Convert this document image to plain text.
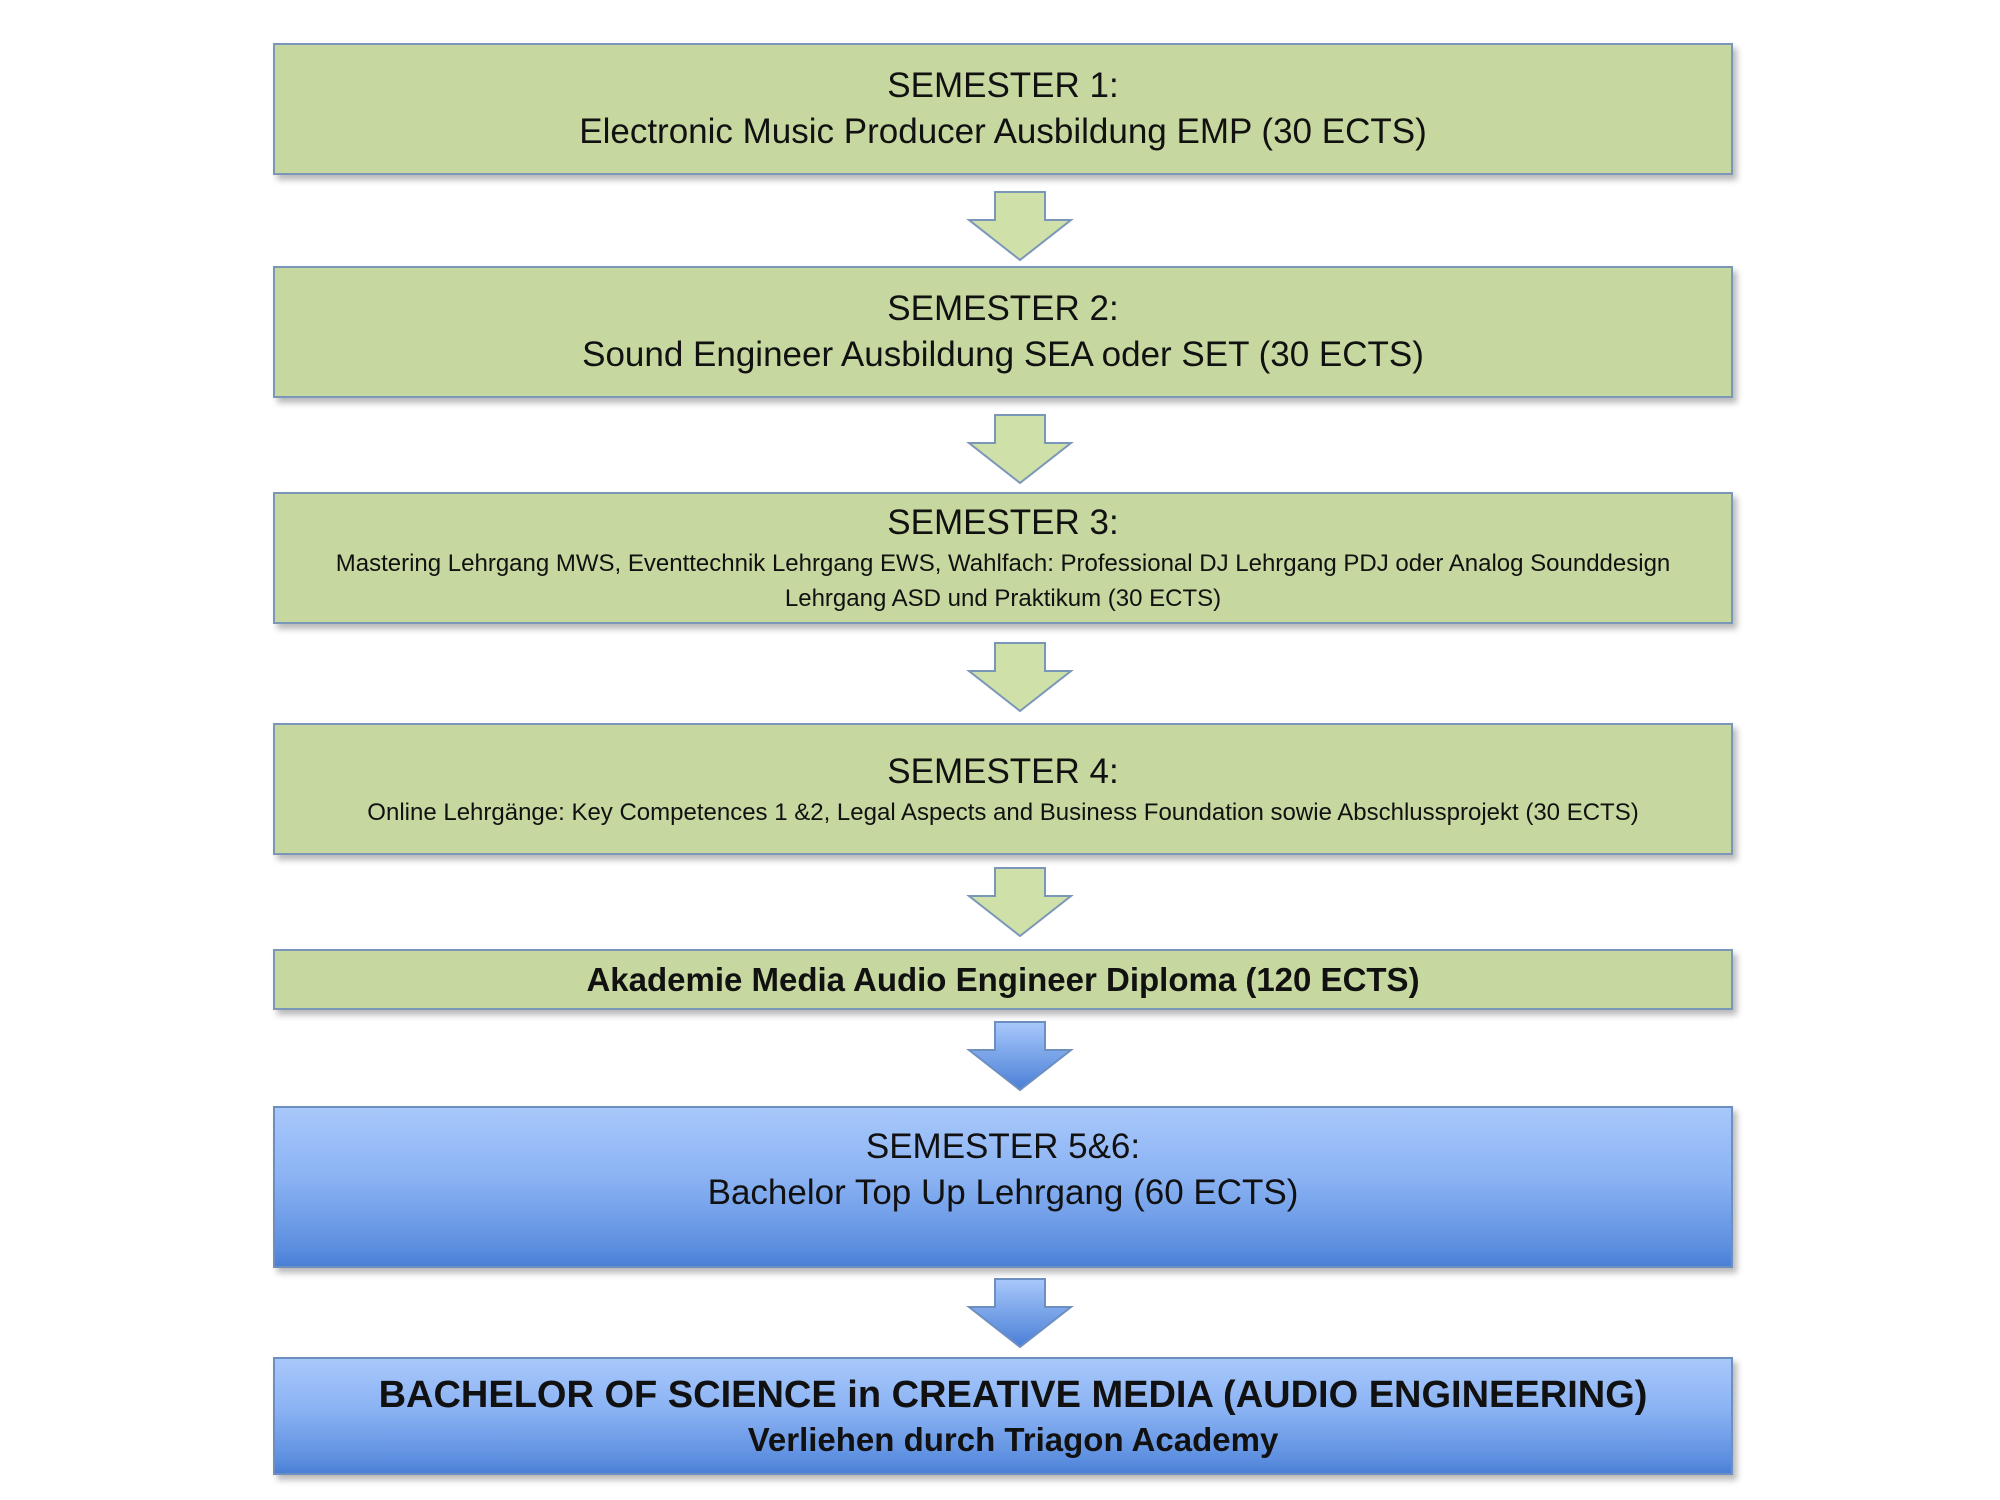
SEMESTER 1:
Electronic Music Producer Ausbildung EMP (30 ECTS)
SEMESTER 2:
Sound Engineer Ausbildung SEA oder SET (30 ECTS)
SEMESTER 3:
Mastering Lehrgang MWS, Eventtechnik Lehrgang EWS, Wahlfach: Professional DJ Lehrgang PDJ oder Analog Sounddesign Lehrgang ASD und Praktikum (30 ECTS)
SEMESTER 4:
Online Lehrgänge: Key Competences 1 &2, Legal Aspects and Business Foundation sowie Abschlussprojekt (30 ECTS)
Akademie Media Audio Engineer Diploma (120 ECTS)
SEMESTER 5&6:
Bachelor Top Up Lehrgang (60 ECTS)
BACHELOR OF SCIENCE in CREATIVE MEDIA (AUDIO ENGINEERING)
Verliehen durch Triagon Academy
